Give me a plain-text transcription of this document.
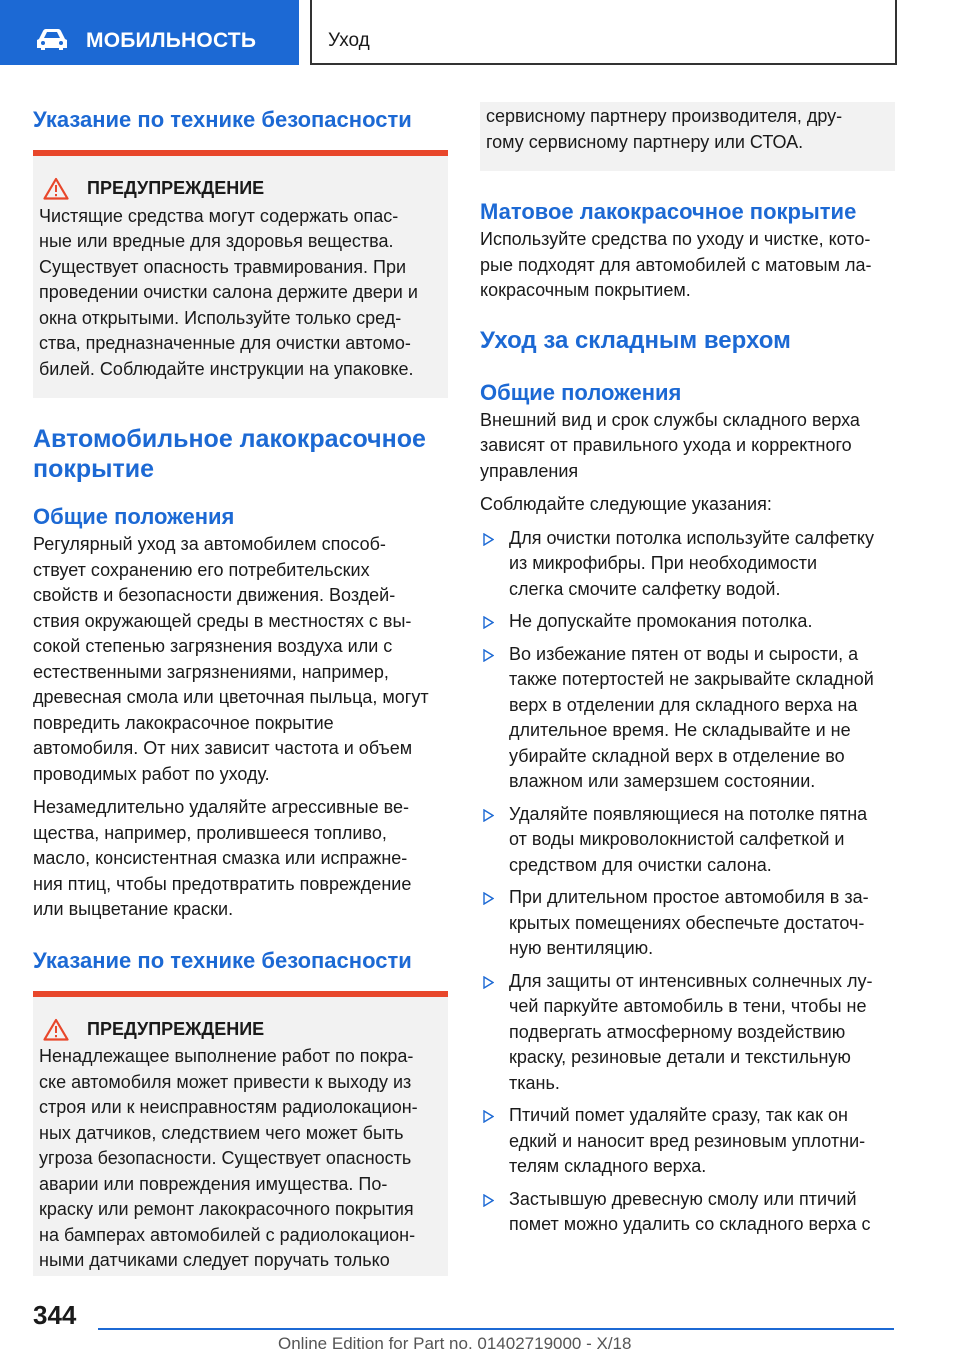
МОБИЛЬНОСТЬ	Уход
Указание по технике безопасности
ПРЕДУПРЕЖДЕНИЕ

Чистящие средства могут содержать опас-

ные или вредные для здоровья вещества.

Существует опасность травмирования. При

проведении очистки салона держите двери и

окна открытыми. Используйте только сред-

ства, предназначенные для очистки автомо-

билей. Соблюдайте инструкции на упаковке.

Автомобильное лакокрасочное
покрытие
Общие положения
Регулярный уход за автомобилем способ-
ствует сохранению его потребительских
свойств и безопасности движения. Воздей-
ствия окружающей среды в местностях с вы-
сокой степенью загрязнения воздуха или с
естественными загрязнениями, например,
древесная смола или цветочная пыльца, могут
повредить лакокрасочное покрытие
автомобиля. От них зависит частота и объем
проводимых работ по уходу.
Незамедлительно удаляйте агрессивные ве-
щества, например, пролившееся топливо,
масло, консистентная смазка или испражне-
ния птиц, чтобы предотвратить повреждение
или выцветание краски.
Указание по технике безопасности
ПРЕДУПРЕЖДЕНИЕ

Ненадлежащее выполнение работ по покра-

ске автомобиля может привести к выходу из

строя или к неисправностям радиолокацион-

ных датчиков, следствием чего может быть

угроза безопасности. Существует опасность

аварии или повреждения имущества. По-

краску или ремонт лакокрасочного покрытия

на бамперах автомобилей с радиолокацион-

ными датчиками следует поручать только

сервисному партнеру производителя, дру-

гому сервисному партнеру или СТОА.

Матовое лакокрасочное покрытие
Используйте средства по уходу и чистке, кото-
рые подходят для автомобилей с матовым ла-
кокрасочным покрытием.
Уход за складным верхом
Общие положения
Внешний вид и срок службы складного верха
зависят от правильного ухода и корректного
управления
Соблюдайте следующие указания:
Для очистки потолка используйте салфетку
из микрофибры. При необходимости
слегка смочите салфетку водой.
Не допускайте промокания потолка.
Во избежание пятен от воды и сырости, а
также потертостей не закрывайте складной
верх в отделении для складного верха на
длительное время. Не складывайте и не
убирайте складной верх в отделение во
влажном или замерзшем состоянии.
Удаляйте появляющиеся на потолке пятна
от воды микроволокнистой салфеткой и
средством для очистки салона.
При длительном простое автомобиля в за-
крытых помещениях обеспечьте достаточ-
ную вентиляцию.
Для защиты от интенсивных солнечных лу-
чей паркуйте автомобиль в тени, чтобы не
подвергать атмосферному воздействию
краску, резиновые детали и текстильную
ткань.
Птичий помет удаляйте сразу, так как он
едкий и наносит вред резиновым уплотни-
телям складного верха.
Застывшую древесную смолу или птичий
помет можно удалить со складного верха с
344
Online Edition for Part no. 01402719000 - X/18
